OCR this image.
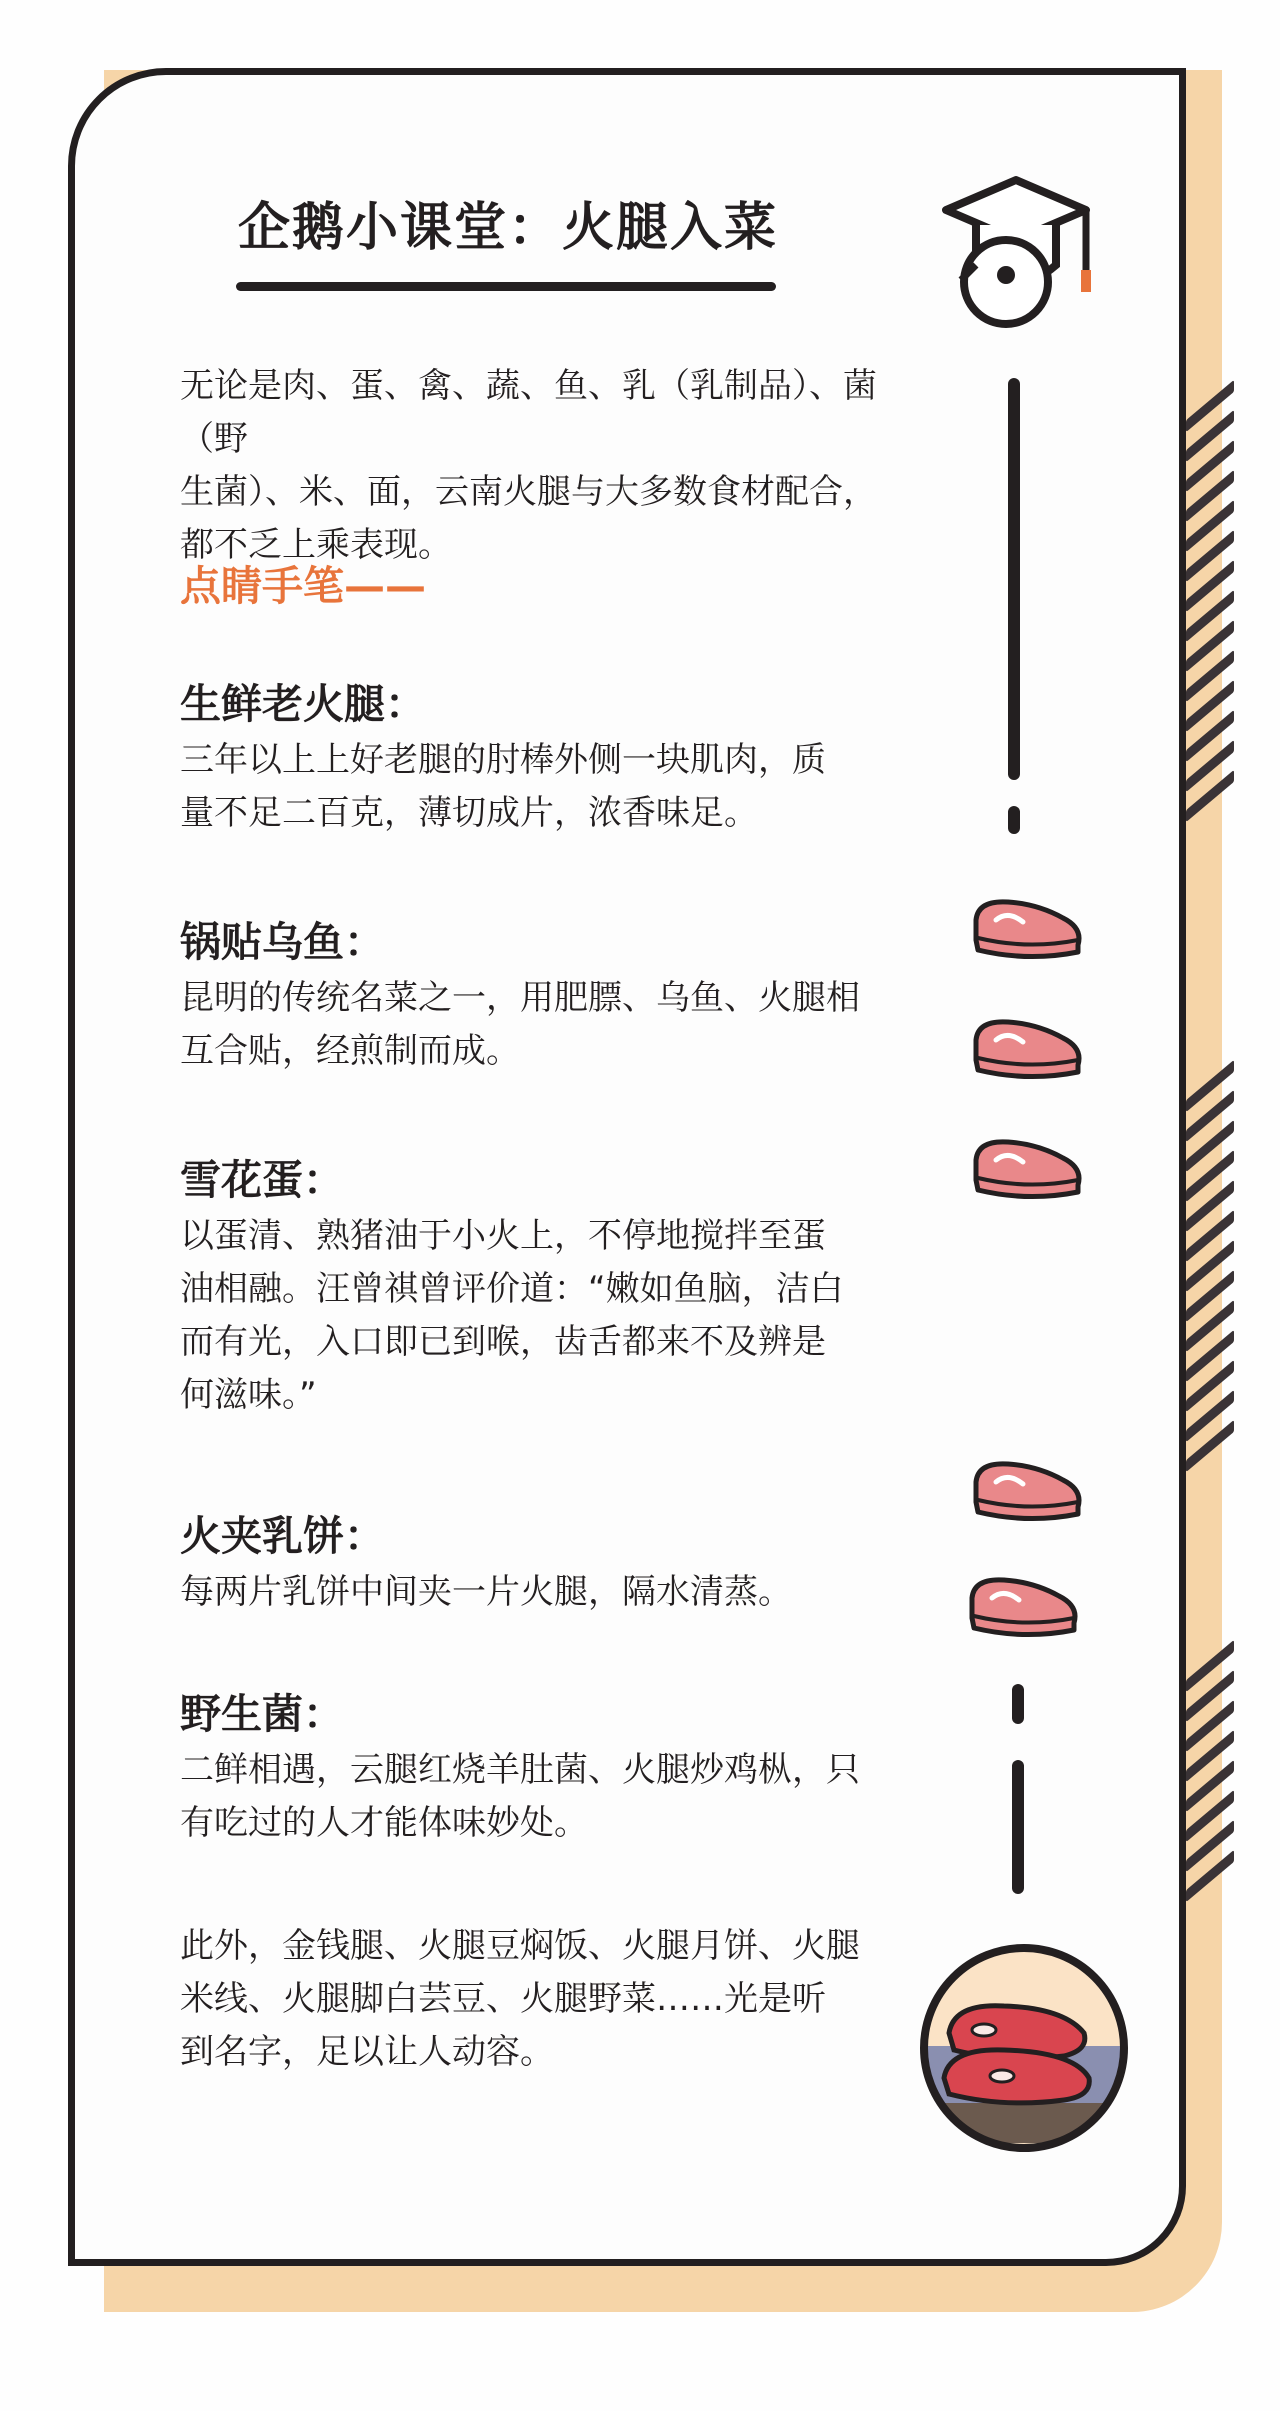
企鹅小课堂：火腿入菜

无论是肉、蛋、禽、蔬、鱼、乳（乳制品）、菌（野

生菌）、米、面，云南火腿与大多数食材配合，

都不乏上乘表现。

点睛手笔——

生鲜老火腿：

三年以上上好老腿的肘棒外侧一块肌肉，质

量不足二百克，薄切成片，浓香味足。

锅贴乌鱼：

昆明的传统名菜之一，用肥膘、乌鱼、火腿相

互合贴，经煎制而成。

雪花蛋：

以蛋清、熟猪油于小火上，不停地搅拌至蛋

油相融。汪曾祺曾评价道：“嫩如鱼脑，洁白

而有光，入口即已到喉，齿舌都来不及辨是

何滋味。”

火夹乳饼：

每两片乳饼中间夹一片火腿，隔水清蒸。

野生菌：

二鲜相遇，云腿红烧羊肚菌、火腿炒鸡枞，只

有吃过的人才能体味妙处。

此外，金钱腿、火腿豆焖饭、火腿月饼、火腿

米线、火腿脚白芸豆、火腿野菜……光是听

到名字，足以让人动容。
